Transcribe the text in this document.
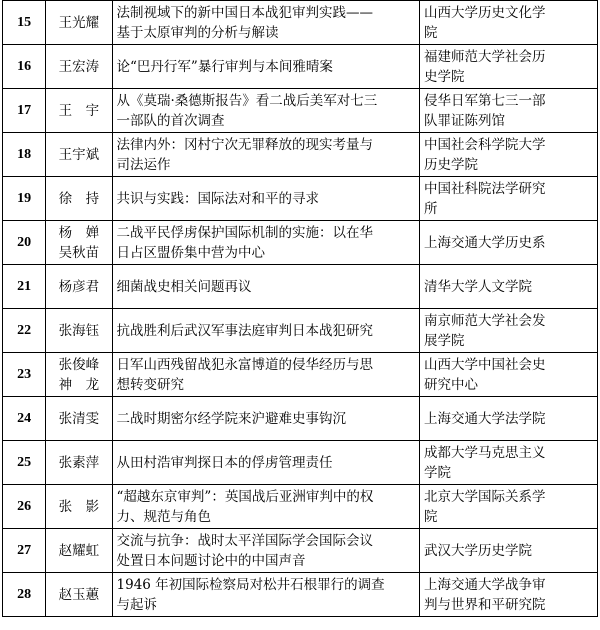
15	王光耀	法制视域下的新中国日本战犯审判实践——
基于太原审判的分析与解读	山西大学历史文化学
院

16	王宏涛	论“巴丹行军”暴行审判与本间雅晴案	福建师范大学社会历
史学院

17	王　宇	从《莫瑞·桑德斯报告》看二战后美军对七三
一部队的首次调查	侵华日军第七三一部
队罪证陈列馆

18	王宇斌	法律内外：冈村宁次无罪释放的现实考量与
司法运作	中国社会科学院大学
历史学院

19	徐　持	共识与实践：国际法对和平的寻求	中国社科院法学研究
所

20	杨　婵
吴秋苗	二战平民俘虏保护国际机制的实施：以在华
日占区盟侨集中营为中心	上海交通大学历史系

21	杨彦君	细菌战史相关问题再议	清华大学人文学院

22	张海钰	抗战胜利后武汉军事法庭审判日本战犯研究	南京师范大学社会发
展学院

23	张俊峰
神　龙	日军山西残留战犯永富博道的侵华经历与思
想转变研究	山西大学中国社会史
研究中心

24	张清雯	二战时期密尔经学院来沪避难史事钩沉	上海交通大学法学院

25	张素萍	从田村浩审判探日本的俘虏管理责任	成都大学马克思主义
学院

26	张　影	“超越东京审判”：英国战后亚洲审判中的权
力、规范与角色	北京大学国际关系学
院

27	赵耀虹	交流与抗争：战时太平洋国际学会国际会议
处置日本问题讨论中的中国声音	武汉大学历史学院

28	赵玉蕙	1946 年初国际检察局对松井石根罪行的调查
与起诉	上海交通大学战争审
判与世界和平研究院
